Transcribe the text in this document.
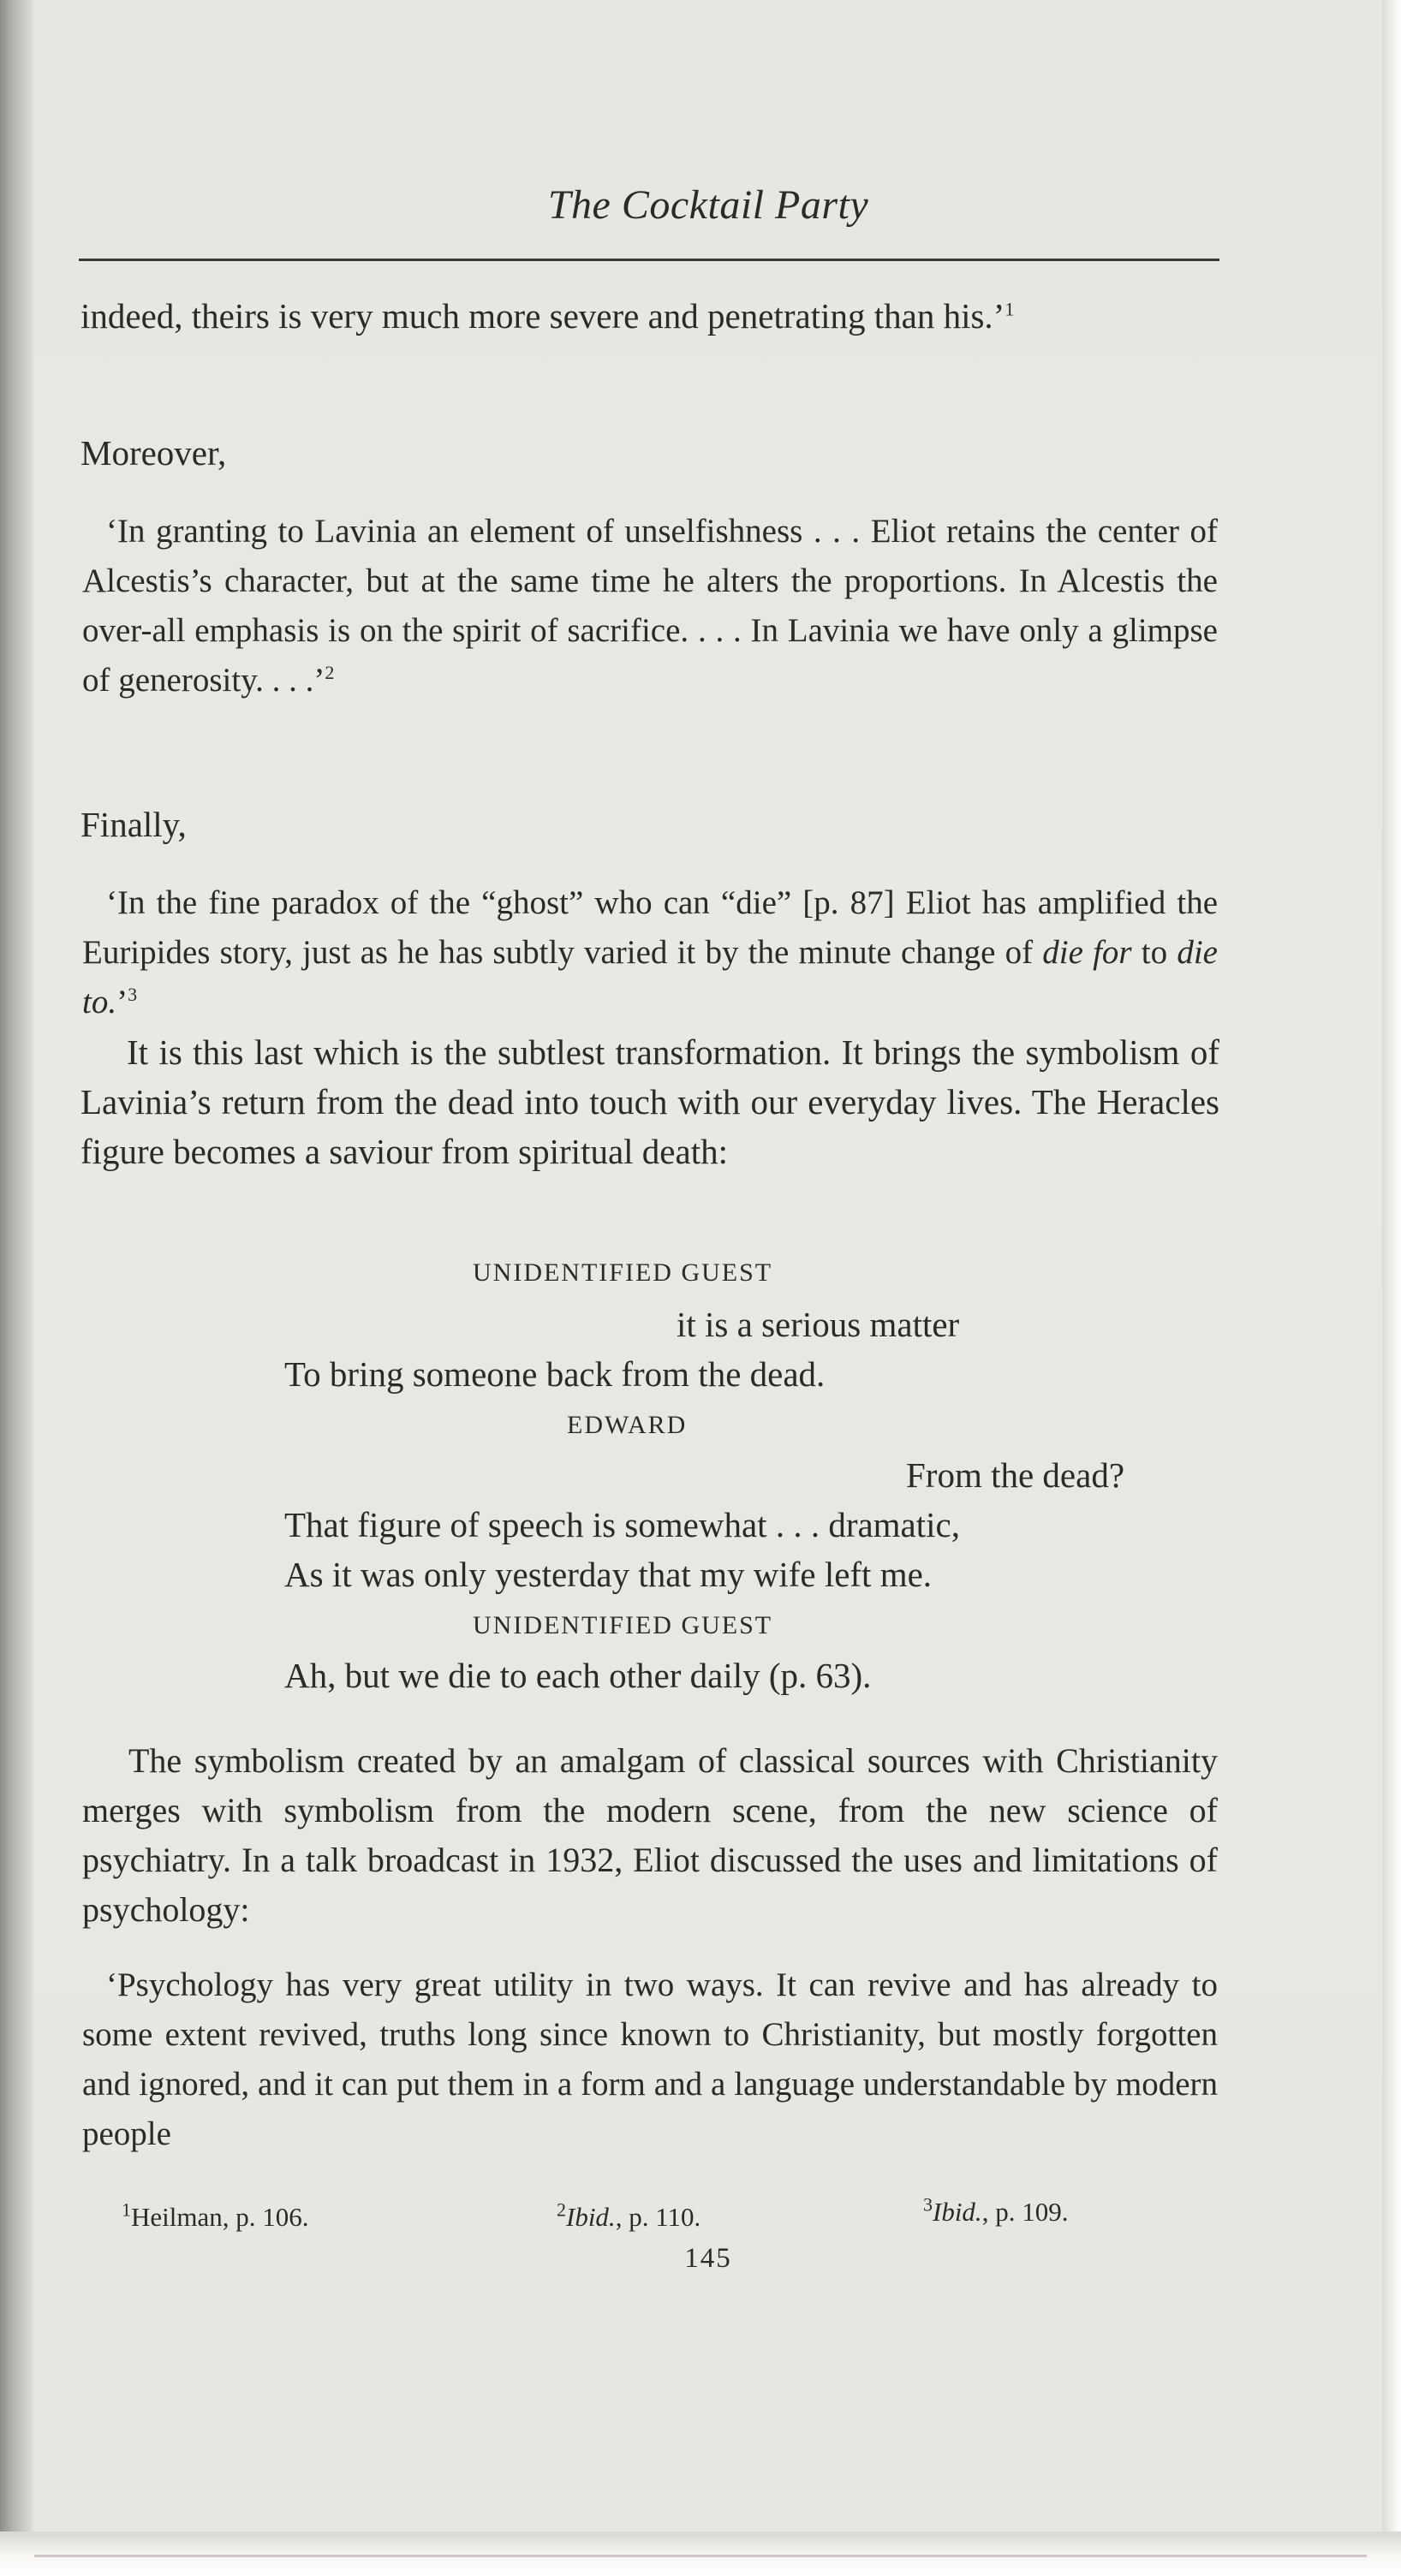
The Cocktail Party
indeed, theirs is very much more severe and penetrating than his.’$^1$
Moreover,
‘In granting to Lavinia an element of unselfishness . . . Eliot retains the center of Alcestis’s character, but at the same time he alters the proportions. In Alcestis the over-all emphasis is on the spirit of sacrifice. . . . In Lavinia we have only a glimpse of generosity. . . .’$^2$
Finally,
‘In the fine paradox of the “ghost” who can “die” [p. 87] Eliot has amplified the Euripides story, just as he has subtly varied it by the minute change of die for to die to.’$^3$
It is this last which is the subtlest transformation. It brings the symbolism of Lavinia’s return from the dead into touch with our everyday lives. The Heracles figure becomes a saviour from spiritual death:
UNIDENTIFIED GUEST
it is a serious matter
To bring someone back from the dead.
EDWARD
From the dead?
That figure of speech is somewhat . . . dramatic,
As it was only yesterday that my wife left me.
UNIDENTIFIED GUEST
Ah, but we die to each other daily (p. 63).
The symbolism created by an amalgam of classical sources with Christianity merges with symbolism from the modern scene, from the new science of psychiatry. In a talk broadcast in 1932, Eliot discussed the uses and limitations of psychology:
‘Psychology has very great utility in two ways. It can revive and has already to some extent revived, truths long since known to Christianity, but mostly forgotten and ignored, and it can put them in a form and a language understandable by modern people
$^1$Heilman, p. 106.	$^2$Ibid., p. 110.	$^3$Ibid., p. 109.
145
